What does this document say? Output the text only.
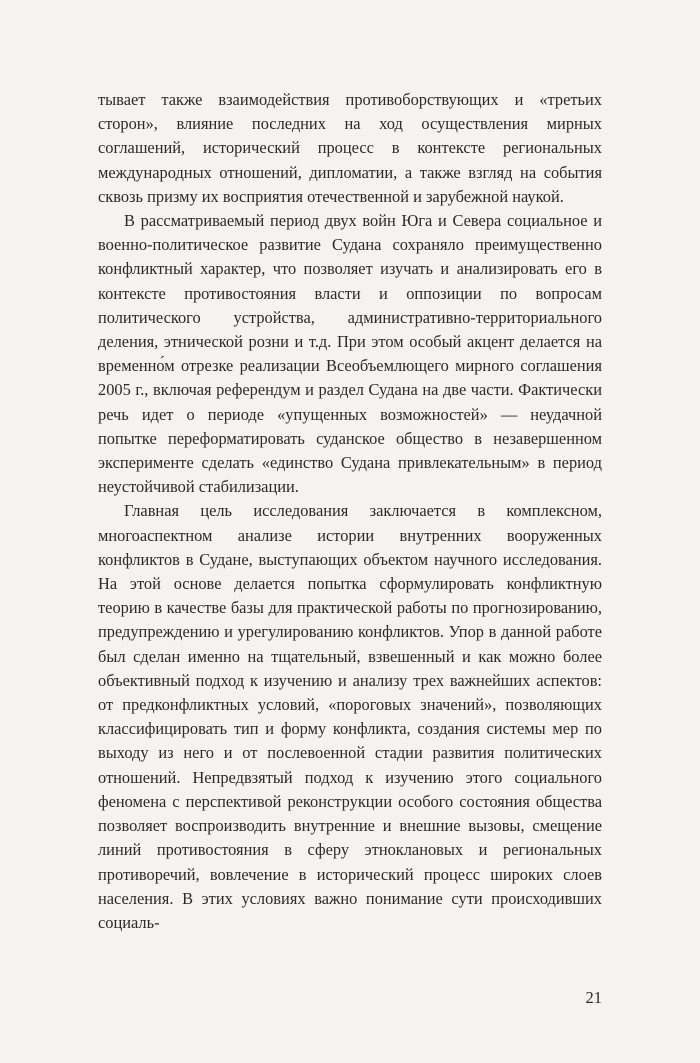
тывает также взаимодействия противоборствующих и «третьих сторон», влияние последних на ход осуществления мирных соглашений, исторический процесс в контексте региональных международных отношений, дипломатии, а также взгляд на события сквозь призму их восприятия отечественной и зарубежной наукой.

В рассматриваемый период двух войн Юга и Севера социальное и военно-политическое развитие Судана сохраняло преимущественно конфликтный характер, что позволяет изучать и анализировать его в контексте противостояния власти и оппозиции по вопросам политического устройства, административно-территориального деления, этнической розни и т.д. При этом особый акцент делается на временно́м отрезке реализации Всеобъемлющего мирного соглашения 2005 г., включая референдум и раздел Судана на две части. Фактически речь идет о периоде «упущенных возможностей» — неудачной попытке переформатировать суданское общество в незавершенном эксперименте сделать «единство Судана привлекательным» в период неустойчивой стабилизации.

Главная цель исследования заключается в комплексном, многоаспектном анализе истории внутренних вооруженных конфликтов в Судане, выступающих объектом научного исследования. На этой основе делается попытка сформулировать конфликтную теорию в качестве базы для практической работы по прогнозированию, предупреждению и урегулированию конфликтов. Упор в данной работе был сделан именно на тщательный, взвешенный и как можно более объективный подход к изучению и анализу трех важнейших аспектов: от предконфликтных условий, «пороговых значений», позволяющих классифицировать тип и форму конфликта, создания системы мер по выходу из него и от послевоенной стадии развития политических отношений. Непредвзятый подход к изучению этого социального феномена с перспективой реконструкции особого состояния общества позволяет воспроизводить внутренние и внешние вызовы, смещение линий противостояния в сферу этноклановых и региональных противоречий, вовлечение в исторический процесс широких слоев населения. В этих условиях важно понимание сути происходивших социаль-

21
